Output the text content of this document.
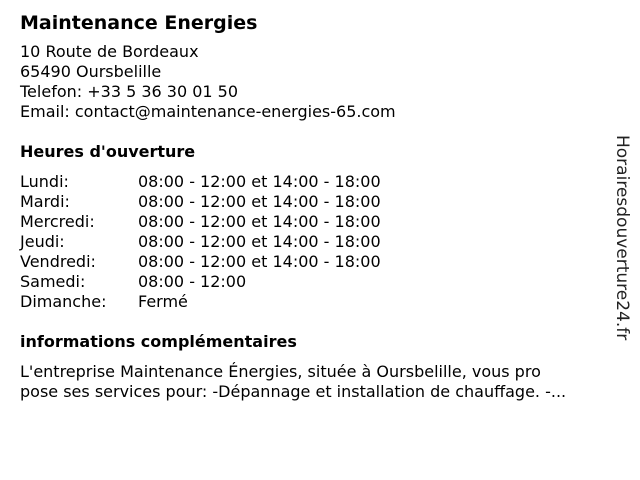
Maintenance Energies
10 Route de Bordeaux
65490 Oursbelille
Telefon: +33 5 36 30 01 50
Email: contact@maintenance-energies-65.com
Heures d'ouverture
Lundi:	08:00 - 12:00 et 14:00 - 18:00
Mardi:	08:00 - 12:00 et 14:00 - 18:00
Mercredi:	08:00 - 12:00 et 14:00 - 18:00
Jeudi:	08:00 - 12:00 et 14:00 - 18:00
Vendredi:	08:00 - 12:00 et 14:00 - 18:00
Samedi:	08:00 - 12:00
Dimanche: Fermé
informations complémentaires
L'entreprise Maintenance Énergies, située à Oursbelille, vous pro
pose ses services pour: -Dépannage et installation de chauffage. -...
Horairesdouverture24.fr
